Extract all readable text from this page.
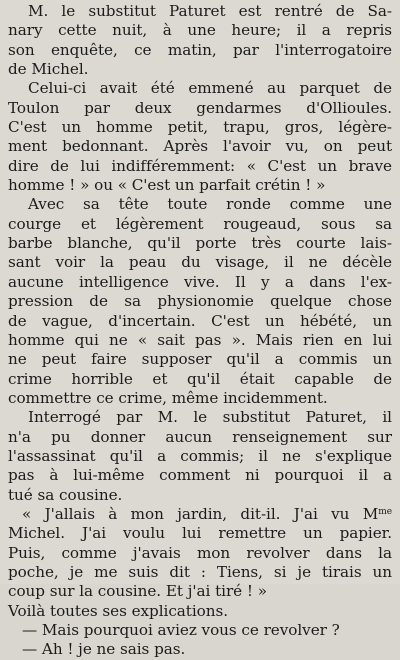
M. le substitut Paturet est rentré de Sa-
nary cette nuit, à une heure; il a repris
son enquête, ce matin, par l'interrogatoire
de Michel.

Celui-ci avait été emmené au parquet de
Toulon par deux gendarmes d'Ollioules.
C'est un homme petit, trapu, gros, légère-
ment bedonnant. Après l'avoir vu, on peut
dire de lui indifféremment: « C'est un brave
homme ! » ou « C'est un parfait crétin ! »

Avec sa tête toute ronde comme une
courge et légèrement rougeaud, sous sa
barbe blanche, qu'il porte très courte lais-
sant voir la peau du visage, il ne décèle
aucune intelligence vive. Il y a dans l'ex-
pression de sa physionomie quelque chose
de vague, d'incertain. C'est un hébété, un
homme qui ne « sait pas ». Mais rien en lui
ne peut faire supposer qu'il a commis un
crime horrible et qu'il était capable de
commettre ce crime, même incidemment.

Interrogé par M. le substitut Paturet, il
n'a pu donner aucun renseignement sur
l'assassinat qu'il a commis; il ne s'explique
pas à lui-même comment ni pourquoi il a
tué sa cousine.

« J'allais à mon jardin, dit-il. J'ai vu $M^{me}$
Michel. J'ai voulu lui remettre un papier.
Puis, comme j'avais mon revolver dans la
poche, je me suis dit : Tiens, si je tirais un
coup sur la cousine. Et j'ai tiré ! »

Voilà toutes ses explications.

— Mais pourquoi aviez vous ce revolver ?

— Ah ! je ne sais pas.
